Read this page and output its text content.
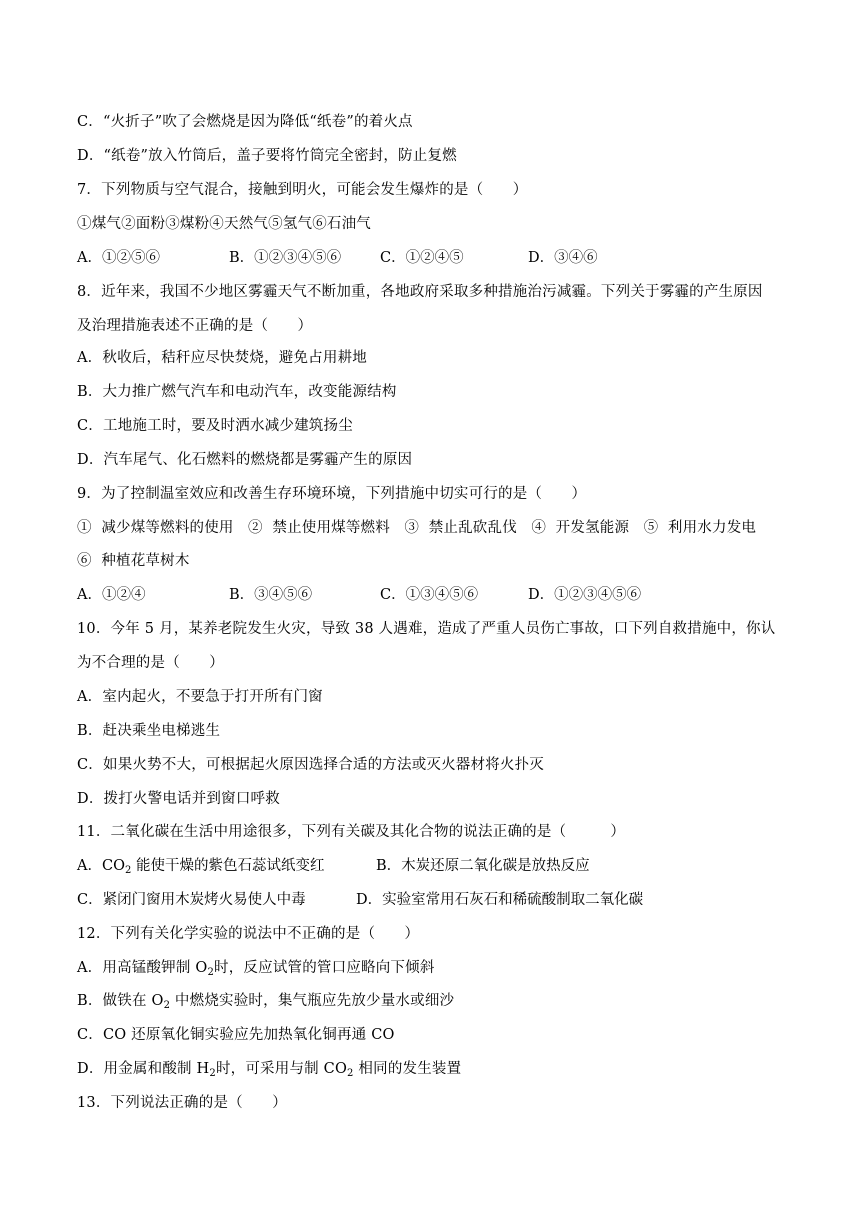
C．“火折子”吹了会燃烧是因为降低“纸卷”的着火点
D．“纸卷”放入竹筒后，盖子要将竹筒完全密封，防止复燃
7．下列物质与空气混合，接触到明火，可能会发生爆炸的是（　　）
①煤气②面粉③煤粉④天然气⑤氢气⑥石油气
A．①②⑤⑥	B．①②③④⑤⑥	C．①②④⑤	D．③④⑥
8．近年来，我国不少地区雾霾天气不断加重，各地政府采取多种措施治污减霾。下列关于雾霾的产生原因
及治理措施表述不正确的是（　　）
A．秋收后，秸秆应尽快焚烧，避免占用耕地
B．大力推广燃气汽车和电动汽车，改变能源结构
C．工地施工时，要及时洒水减少建筑扬尘
D．汽车尾气、化石燃料的燃烧都是雾霾产生的原因
9．为了控制温室效应和改善生存环境环境，下列措施中切实可行的是（　　）
①  减少煤等燃料的使用   ②  禁止使用煤等燃料   ③  禁止乱砍乱伐   ④  开发氢能源   ⑤  利用水力发电
⑥  种植花草树木
A．①②④	B．③④⑤⑥	C．①③④⑤⑥	D．①②③④⑤⑥
10．今年 5 月，某养老院发生火灾，导致 38 人遇难，造成了严重人员伤亡事故，口下列自救措施中，你认
为不合理的是（　　）
A．室内起火，不要急于打开所有门窗
B．赶决乘坐电梯逃生
C．如果火势不大，可根据起火原因选择合适的方法或灭火器材将火扑灭
D．拨打火警电话并到窗口呼救
11．二氧化碳在生活中用途很多，下列有关碳及其化合物的说法正确的是（　　　）
A．$CO_2$ 能使干燥的紫色石蕊试纸变红	B．木炭还原二氧化碳是放热反应
C．紧闭门窗用木炭烤火易使人中毒	D．实验室常用石灰石和稀硫酸制取二氧化碳
12．下列有关化学实验的说法中不正确的是（　　）
A．用高锰酸钾制 $O_2$时，反应试管的管口应略向下倾斜
B．做铁在 $O_2$ 中燃烧实验时，集气瓶应先放少量水或细沙
C．CO 还原氧化铜实验应先加热氧化铜再通 CO
D．用金属和酸制 $H_2$时，可采用与制 $CO_2$ 相同的发生装置
13．下列说法正确的是（　　）
